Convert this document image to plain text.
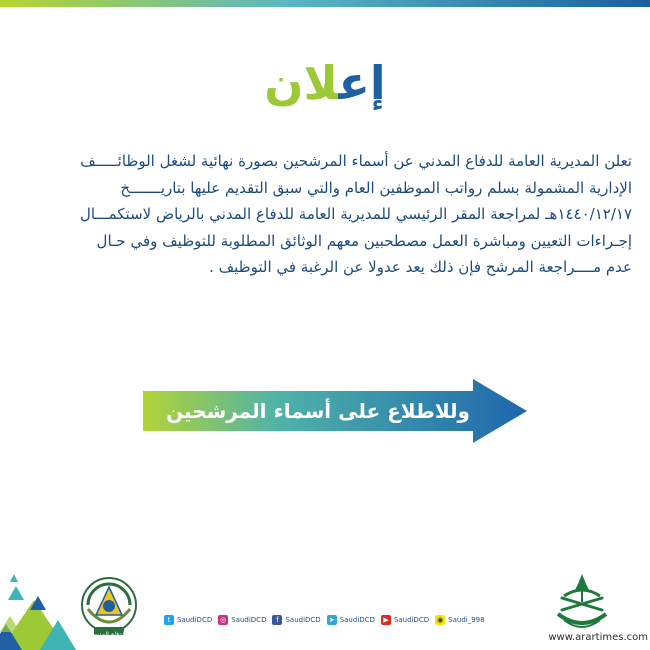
إعلان

تعلن المديرية العامة للدفاع المدني عن أسماء المرشحين بصورة نهائية لشغل الوظائـــــف

الإدارية المشمولة بسلم رواتب الموظفين العام والتي سبق التقديم عليها بتاريـــــــخ

١٤٤٠/١٢/١٧هـ لمراجعة المقر الرئيسي للمديرية العامة للدفاع المدني بالرياض لاستكمـــال

إجـراءات التعيين ومباشرة العمل مصطحبين معهم الوثائق المطلوبة للتوظيف وفي حـال

عدم مــــراجعة المرشح فإن ذلك يعد عدولا عن الرغبة في التوظيف .

وللاطلاع على أسماء المرشحين
الدفاع المدني
t SaudiDCD ◎ SaudiDCD	f SaudiDCD ➤ SaudiDCD	▶ SaudiDCD ◉ Saudi_998
www.arartimes.com
